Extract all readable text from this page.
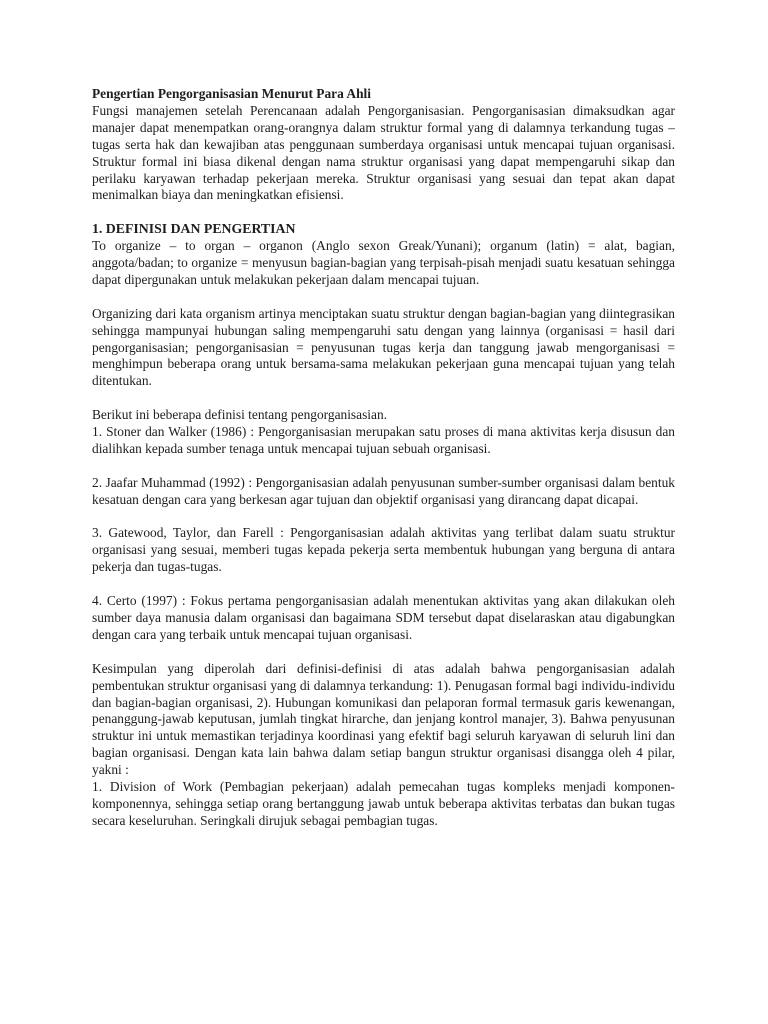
Pengertian Pengorganisasian Menurut Para Ahli

Fungsi manajemen setelah Perencanaan adalah Pengorganisasian. Pengorganisasian dimaksudkan agar manajer dapat menempatkan orang-orangnya dalam struktur formal yang di dalamnya terkandung tugas –tugas serta hak dan kewajiban atas penggunaan sumberdaya organisasi untuk mencapai tujuan organisasi. Struktur formal ini biasa dikenal dengan nama struktur organisasi yang dapat mempengaruhi sikap dan perilaku karyawan terhadap pekerjaan mereka. Struktur organisasi yang sesuai dan tepat akan dapat menimalkan biaya dan meningkatkan efisiensi.

1. DEFINISI DAN PENGERTIAN

To organize – to organ – organon (Anglo sexon Greak/Yunani); organum (latin) = alat, bagian, anggota/badan; to organize = menyusun bagian-bagian yang terpisah-pisah menjadi suatu kesatuan sehingga dapat dipergunakan untuk melakukan pekerjaan dalam mencapai tujuan.

Organizing dari kata organism artinya menciptakan suatu struktur dengan bagian-bagian yang diintegrasikan sehingga mampunyai hubungan saling mempengaruhi satu dengan yang lainnya (organisasi = hasil dari pengorganisasian; pengorganisasian = penyusunan tugas kerja dan tanggung jawab mengorganisasi = menghimpun beberapa orang untuk bersama-sama melakukan pekerjaan guna mencapai tujuan yang telah ditentukan.

Berikut ini beberapa definisi tentang pengorganisasian.

1. Stoner dan Walker (1986) : Pengorganisasian merupakan satu proses di mana aktivitas kerja disusun dan dialihkan kepada sumber tenaga untuk mencapai tujuan sebuah organisasi.

2. Jaafar Muhammad (1992) : Pengorganisasian adalah penyusunan sumber-sumber organisasi dalam bentuk kesatuan dengan cara yang berkesan agar tujuan dan objektif organisasi yang dirancang dapat dicapai.

3. Gatewood, Taylor, dan Farell : Pengorganisasian adalah aktivitas yang terlibat dalam suatu struktur organisasi yang sesuai, memberi tugas kepada pekerja serta membentuk hubungan yang berguna di antara pekerja dan tugas-tugas.

4. Certo (1997) : Fokus pertama pengorganisasian adalah menentukan aktivitas yang akan dilakukan oleh sumber daya manusia dalam organisasi dan bagaimana SDM tersebut dapat diselaraskan atau digabungkan dengan cara yang terbaik untuk mencapai tujuan organisasi.

Kesimpulan yang diperolah dari definisi-definisi di atas adalah bahwa pengorganisasian adalah pembentukan struktur organisasi yang di dalamnya terkandung: 1). Penugasan formal bagi individu-individu dan bagian-bagian organisasi, 2). Hubungan komunikasi dan pelaporan formal termasuk garis kewenangan, penanggung-jawab keputusan, jumlah tingkat hirarche, dan jenjang kontrol manajer, 3). Bahwa penyusunan struktur ini untuk memastikan terjadinya koordinasi yang efektif bagi seluruh karyawan di seluruh lini dan bagian organisasi. Dengan kata lain bahwa dalam setiap bangun struktur organisasi disangga oleh 4 pilar, yakni :

1. Division of Work (Pembagian pekerjaan) adalah pemecahan tugas kompleks menjadi komponen-komponennya, sehingga setiap orang bertanggung jawab untuk beberapa aktivitas terbatas dan bukan tugas secara keseluruhan. Seringkali dirujuk sebagai pembagian tugas.
